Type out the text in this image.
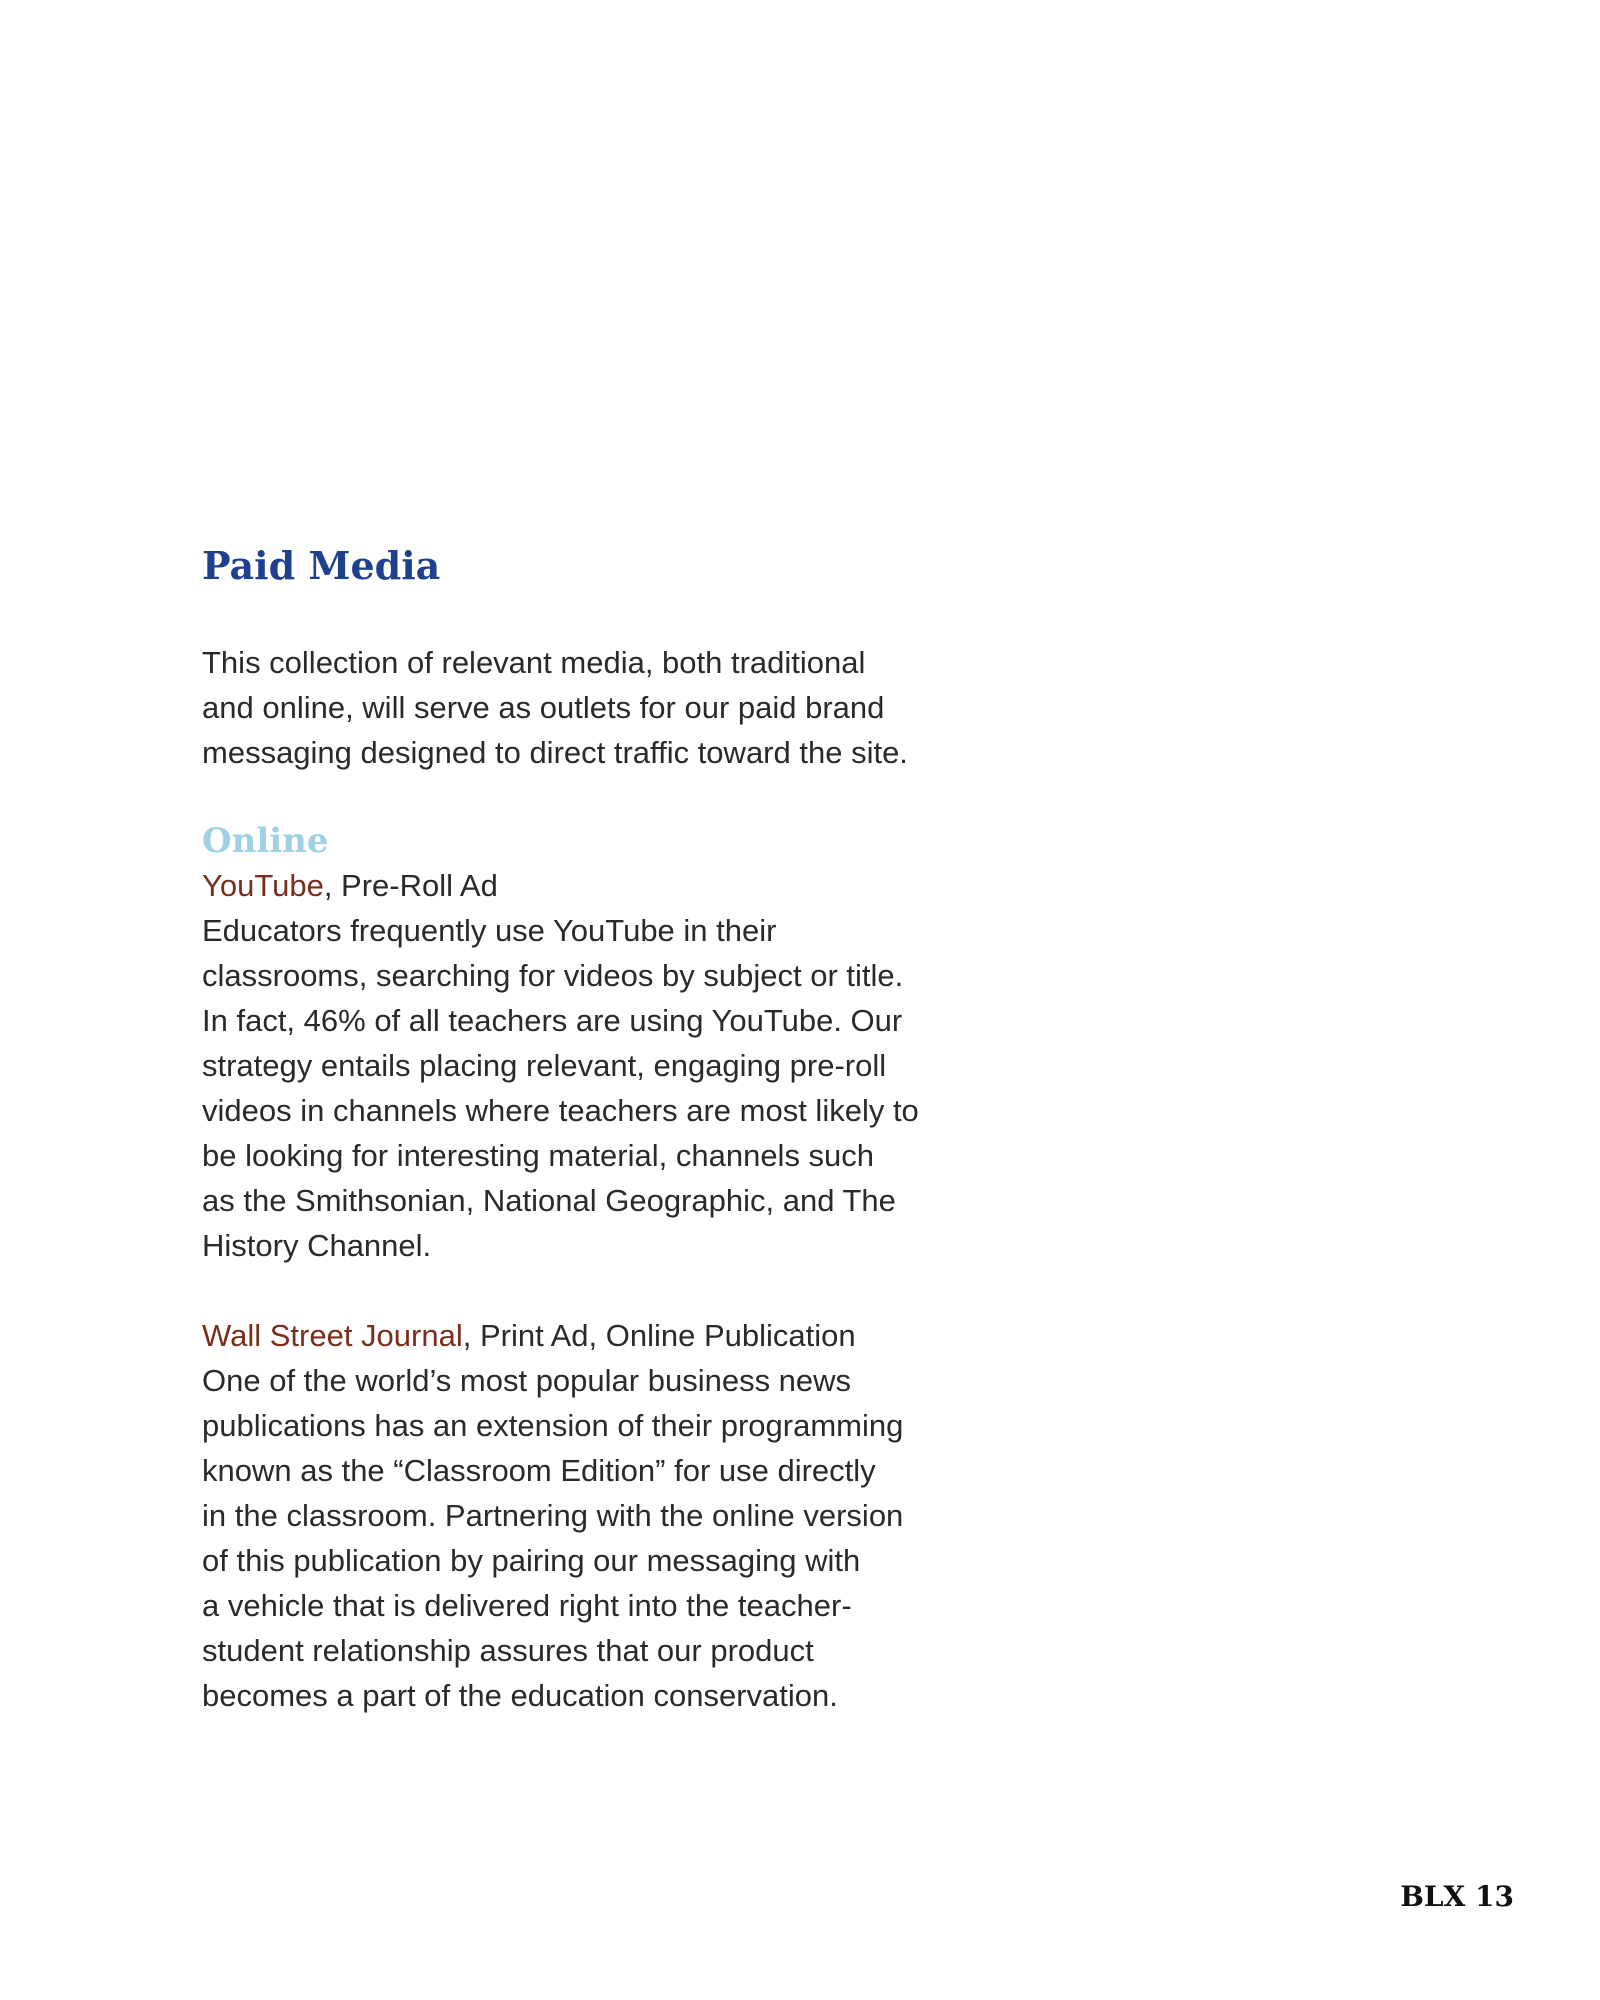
Paid Media

This collection of relevant media, both traditional
and online, will serve as outlets for our paid brand
messaging designed to direct traffic toward the site.

Online

YouTube, Pre-Roll Ad

Educators frequently use YouTube in their
classrooms, searching for videos by subject or title.
In fact, 46% of all teachers are using YouTube. Our
strategy entails placing relevant, engaging pre-roll
videos in channels where teachers are most likely to
be looking for interesting material, channels such
as the Smithsonian, National Geographic, and The
History Channel.

Wall Street Journal, Print Ad, Online Publication

One of the world’s most popular business news
publications has an extension of their programming
known as the “Classroom Edition” for use directly
in the classroom. Partnering with the online version
of this publication by pairing our messaging with
a vehicle that is delivered right into the teacher-
student relationship assures that our product
becomes a part of the education conservation.

BLX 13
